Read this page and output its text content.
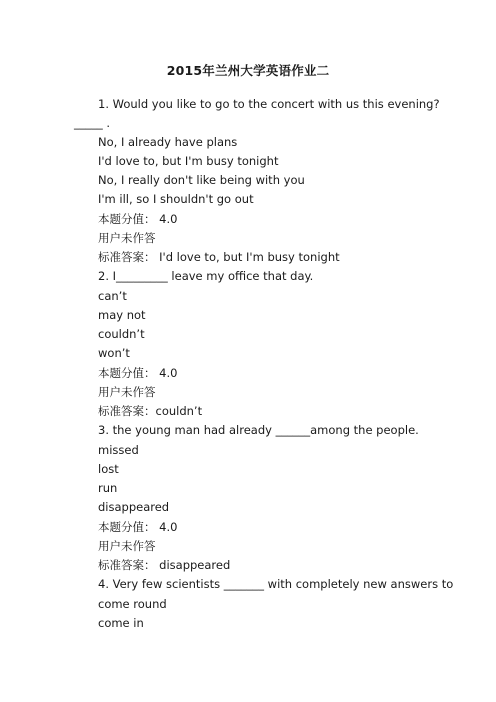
2015年兰州大学英语作业二
1. Would you like to go to the concert with us this evening?
_____ .
No, I already have plans
I'd love to, but I'm busy tonight
No, I really don't like being with you
I'm ill, so I shouldn't go out
本题分值： 4.0
用户未作答
标准答案： I'd love to, but I'm busy tonight
2. I_________ leave my office that day.
can’t
may not
couldn’t
won’t
本题分值： 4.0
用户未作答
标准答案：couldn’t
3. the young man had already ______among the people.
missed
lost
run
disappeared
本题分值： 4.0
用户未作答
标准答案： disappeared
4. Very few scientists _______ with completely new answers to
come round
come in
